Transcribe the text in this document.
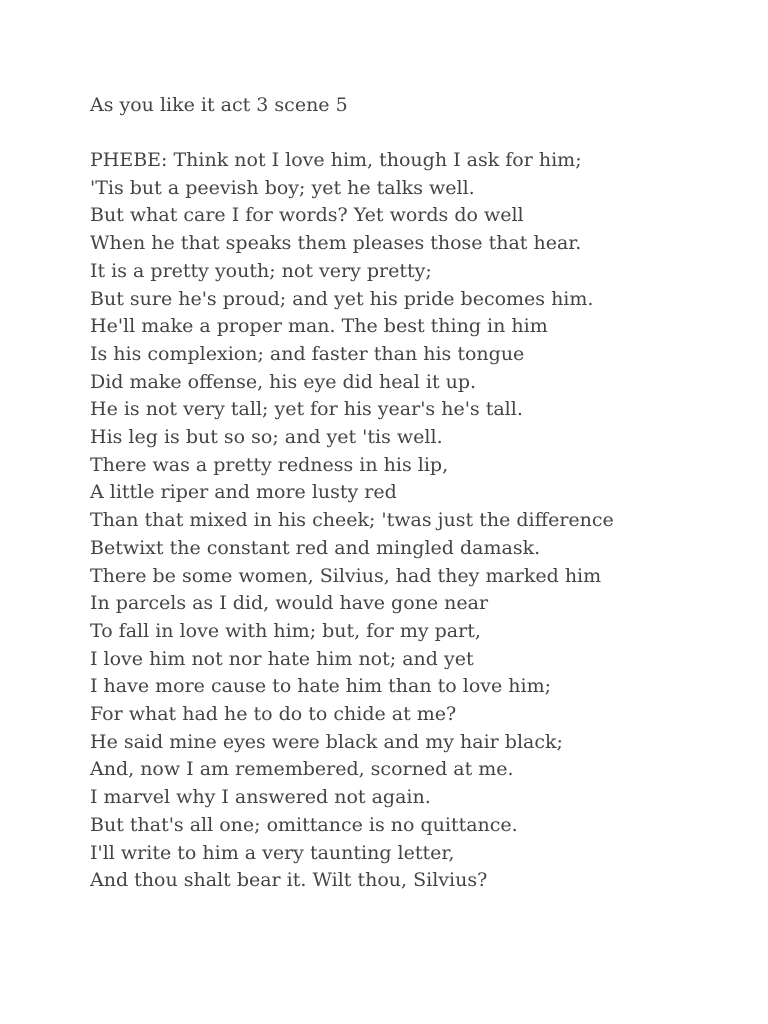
As you like it act 3 scene 5
PHEBE: Think not I love him, though I ask for him;
'Tis but a peevish boy; yet he talks well.
But what care I for words? Yet words do well
When he that speaks them pleases those that hear.
It is a pretty youth; not very pretty;
But sure he's proud; and yet his pride becomes him.
He'll make a proper man. The best thing in him
Is his complexion; and faster than his tongue
Did make offense, his eye did heal it up.
He is not very tall; yet for his year's he's tall.
His leg is but so so; and yet 'tis well.
There was a pretty redness in his lip,
A little riper and more lusty red
Than that mixed in his cheek; 'twas just the difference
Betwixt the constant red and mingled damask.
There be some women, Silvius, had they marked him
In parcels as I did, would have gone near
To fall in love with him; but, for my part,
I love him not nor hate him not; and yet
I have more cause to hate him than to love him;
For what had he to do to chide at me?
He said mine eyes were black and my hair black;
And, now I am remembered, scorned at me.
I marvel why I answered not again.
But that's all one; omittance is no quittance.
I'll write to him a very taunting letter,
And thou shalt bear it. Wilt thou, Silvius?
